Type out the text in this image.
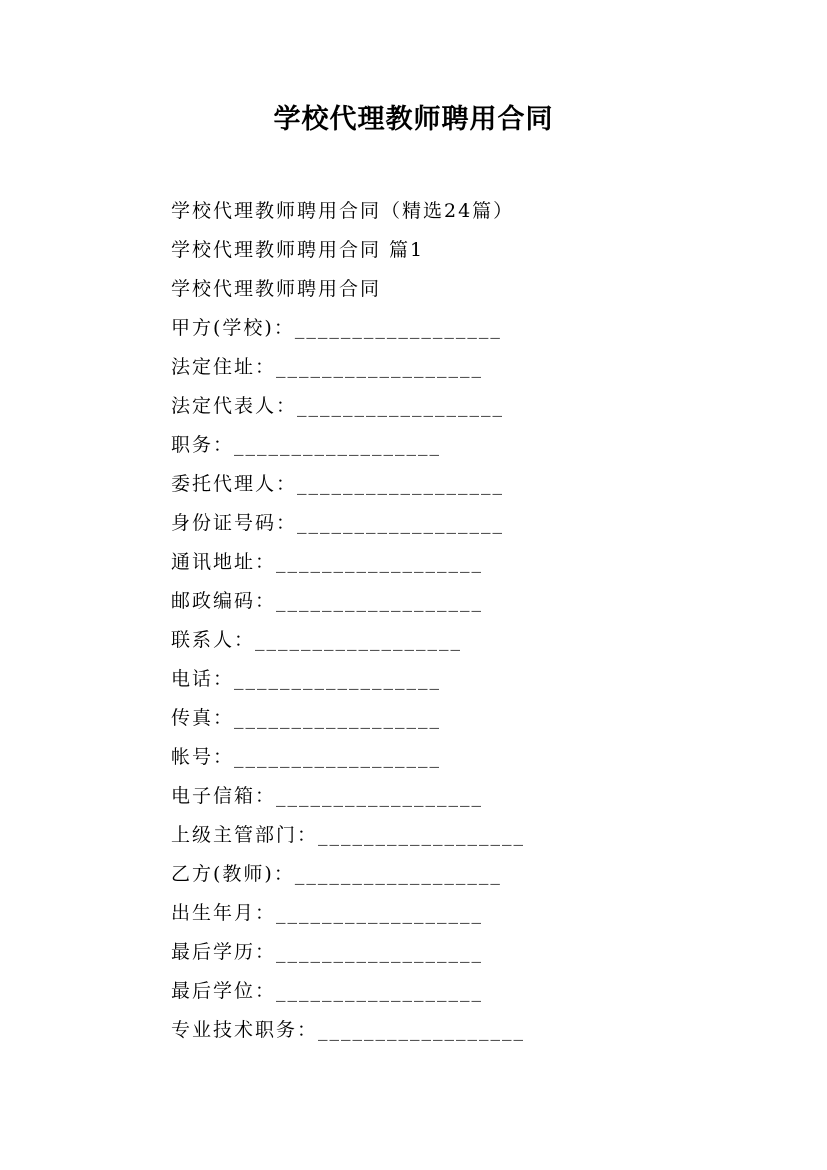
学校代理教师聘用合同
学校代理教师聘用合同（精选24篇）
学校代理教师聘用合同 篇1
学校代理教师聘用合同
甲方(学校)：__________________
法定住址：__________________
法定代表人：__________________
职务：__________________
委托代理人：__________________
身份证号码：__________________
通讯地址：__________________
邮政编码：__________________
联系人：__________________
电话：__________________
传真：__________________
帐号：__________________
电子信箱：__________________
上级主管部门：__________________
乙方(教师)：__________________
出生年月：__________________
最后学历：__________________
最后学位：__________________
专业技术职务：__________________
